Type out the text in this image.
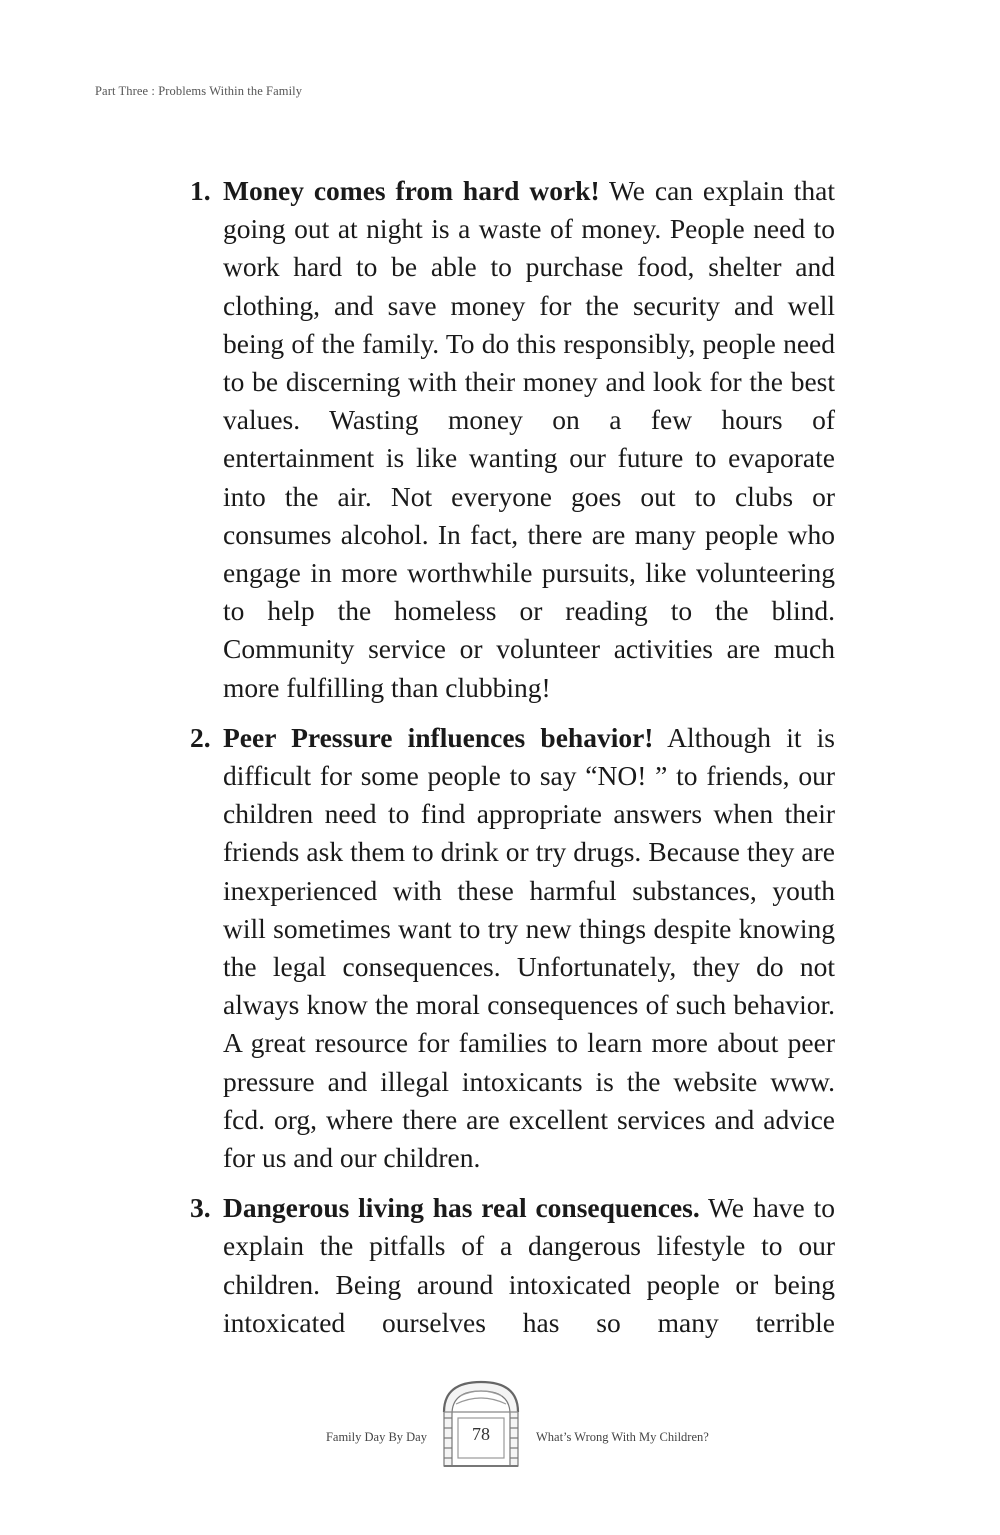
Part Three : Problems Within the Family
1. Money comes from hard work! We can explain that going out at night is a waste of money. People need to work hard to be able to purchase food, shelter and clothing, and save money for the security and well being of the family. To do this responsibly, people need to be discerning with their money and look for the best values. Wasting money on a few hours of entertainment is like wanting our future to evaporate into the air. Not everyone goes out to clubs or consumes alcohol. In fact, there are many people who engage in more worthwhile pursuits, like volunteering to help the homeless or reading to the blind. Community service or volunteer activities are much more fulfilling than clubbing!
2. Peer Pressure influences behavior! Although it is difficult for some people to say “NO! ” to friends, our children need to find appropriate answers when their friends ask them to drink or try drugs. Because they are inexperienced with these harmful substances, youth will sometimes want to try new things despite knowing the legal consequences. Unfortunately, they do not always know the moral consequences of such behavior. A great resource for families to learn more about peer pressure and illegal intoxicants is the website www. fcd. org, where there are excellent services and advice for us and our children.
3. Dangerous living has real consequences. We have to explain the pitfalls of a dangerous lifestyle to our children. Being around intoxicated people or being intoxicated ourselves has so many terrible
Family Day By Day	78	What’s Wrong With My Children?
